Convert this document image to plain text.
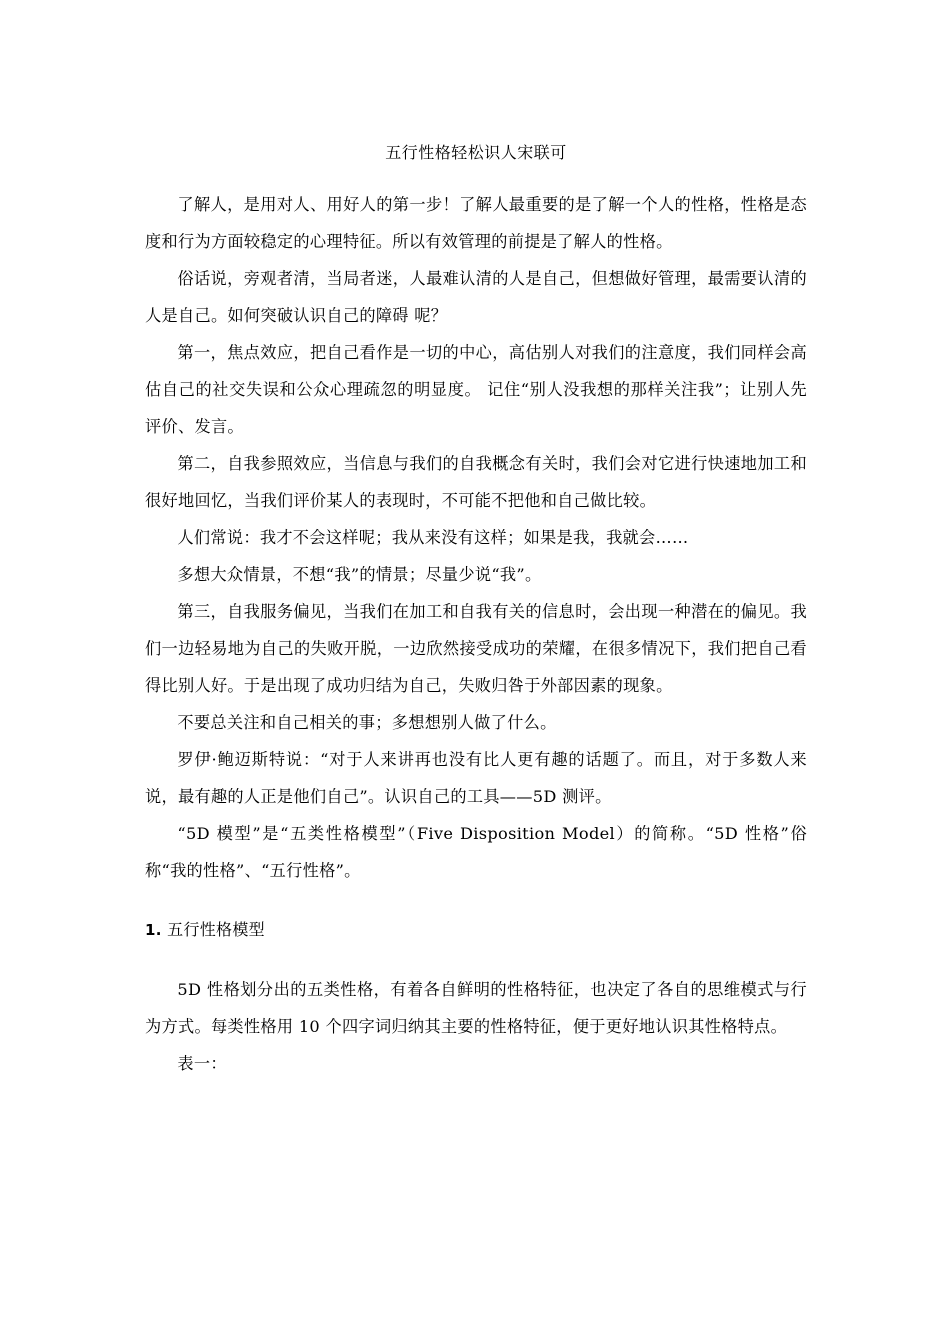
五行性格轻松识人宋联可

了解人，是用对人、用好人的第一步！了解人最重要的是了解一个人的性格，性格是态度和行为方面较稳定的心理特征。所以有效管理的前提是了解人的性格。

俗话说，旁观者清，当局者迷，人最难认清的人是自己，但想做好管理，最需要认清的人是自己。如何突破认识自己的障碍 呢？

第一，焦点效应，把自己看作是一切的中心，高估别人对我们的注意度，我们同样会高估自己的社交失误和公众心理疏忽的明显度。 记住“别人没我想的那样关注我”；让别人先评价、发言。

第二，自我参照效应，当信息与我们的自我概念有关时，我们会对它进行快速地加工和很好地回忆，当我们评价某人的表现时，不可能不把他和自己做比较。

人们常说：我才不会这样呢；我从来没有这样；如果是我，我就会……

多想大众情景，不想“我”的情景；尽量少说“我”。

第三，自我服务偏见，当我们在加工和自我有关的信息时，会出现一种潜在的偏见。我们一边轻易地为自己的失败开脱，一边欣然接受成功的荣耀，在很多情况下，我们把自己看得比别人好。于是出现了成功归结为自己，失败归咎于外部因素的现象。

不要总关注和自己相关的事；多想想别人做了什么。

罗伊·鲍迈斯特说：“对于人来讲再也没有比人更有趣的话题了。而且，对于多数人来说，最有趣的人正是他们自己”。认识自己的工具——5D 测评。

“5D 模型”是“五类性格模型”（Five Disposition Model）的简称。“5D 性格”俗称“我的性格”、“五行性格”。

1. 五行性格模型

5D 性格划分出的五类性格，有着各自鲜明的性格特征，也决定了各自的思维模式与行为方式。每类性格用 10 个四字词归纳其主要的性格特征，便于更好地认识其性格特点。

表一：
